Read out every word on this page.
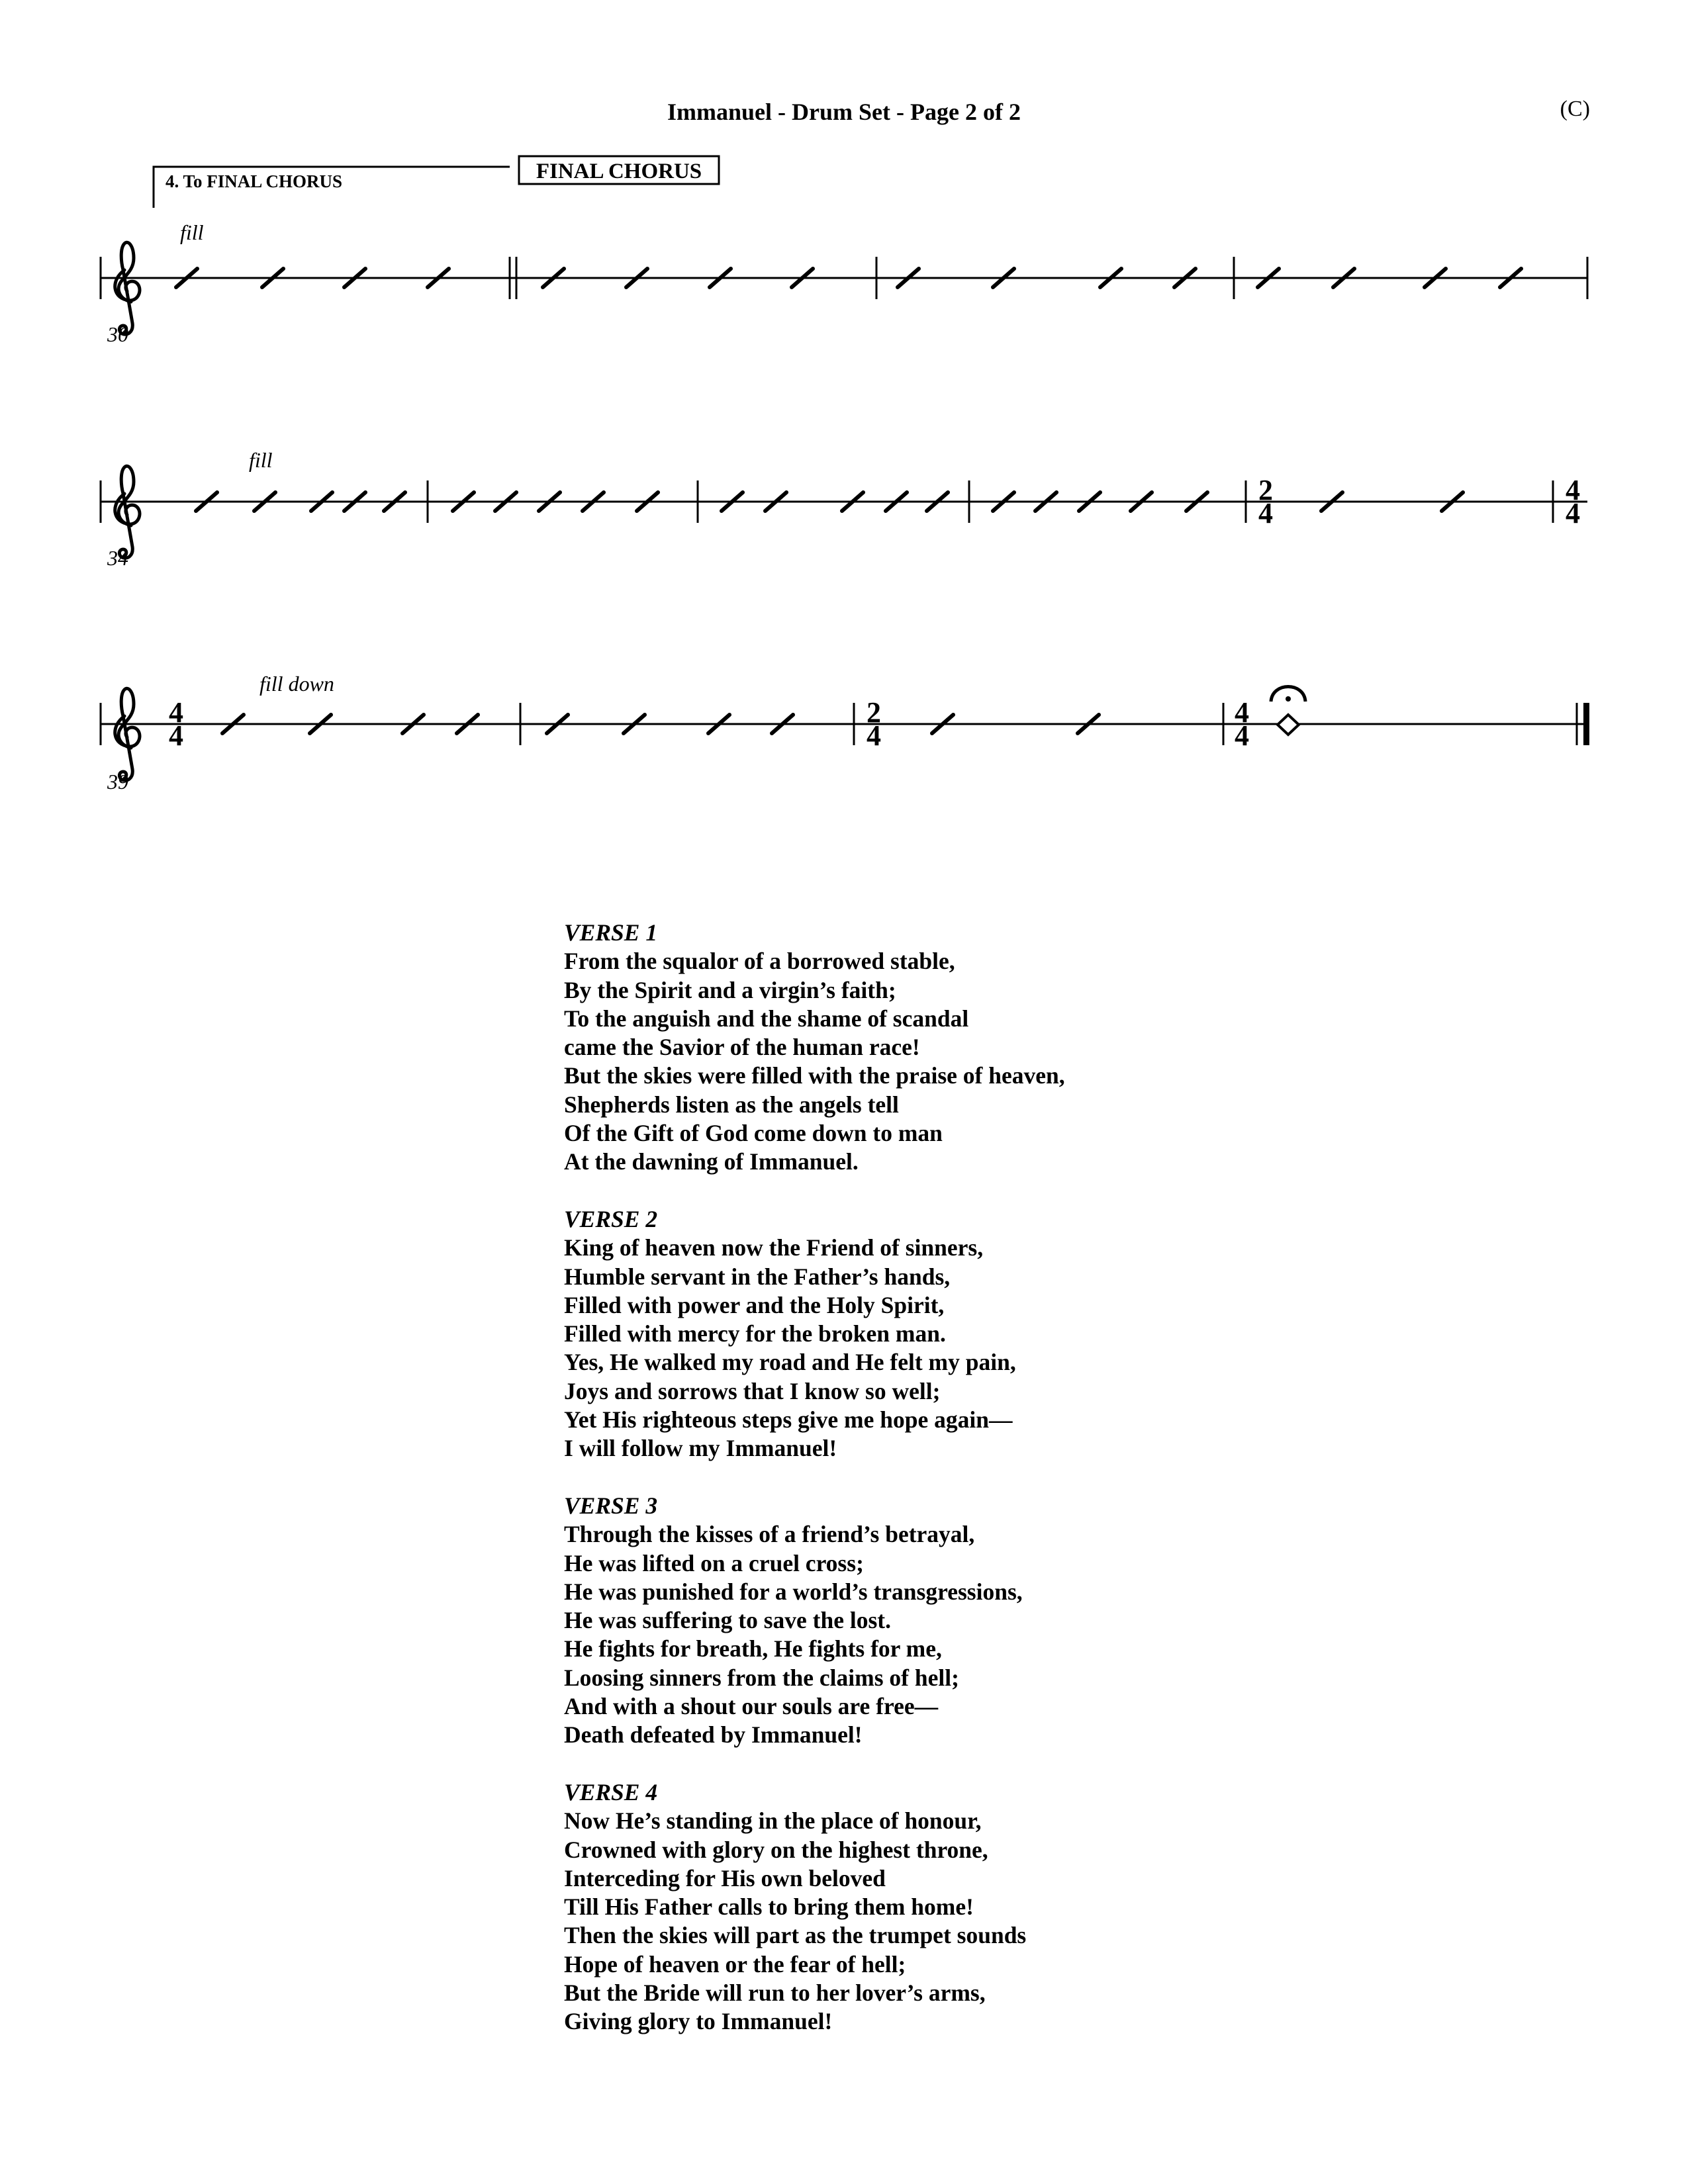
Immanuel - Drum Set - Page 2 of 2	(C)
4. To FINAL CHORUS	FINAL CHORUS
fill
30
fill
34
2
4
4
4
fill down
39
4
4
2
4
4
4
VERSE 1
From the squalor of a borrowed stable,
By the Spirit and a virgin’s faith;
To the anguish and the shame of scandal
came the Savior of the human race!
But the skies were filled with the praise of heaven,
Shepherds listen as the angels tell
Of the Gift of God come down to man
At the dawning of Immanuel.
VERSE 2
King of heaven now the Friend of sinners,
Humble servant in the Father’s hands,
Filled with power and the Holy Spirit,
Filled with mercy for the broken man.
Yes, He walked my road and He felt my pain,
Joys and sorrows that I know so well;
Yet His righteous steps give me hope again—
I will follow my Immanuel!
VERSE 3
Through the kisses of a friend’s betrayal,
He was lifted on a cruel cross;
He was punished for a world’s transgressions,
He was suffering to save the lost.
He fights for breath, He fights for me,
Loosing sinners from the claims of hell;
And with a shout our souls are free—
Death defeated by Immanuel!
VERSE 4
Now He’s standing in the place of honour,
Crowned with glory on the highest throne,
Interceding for His own beloved
Till His Father calls to bring them home!
Then the skies will part as the trumpet sounds
Hope of heaven or the fear of hell;
But the Bride will run to her lover’s arms,
Giving glory to Immanuel!
